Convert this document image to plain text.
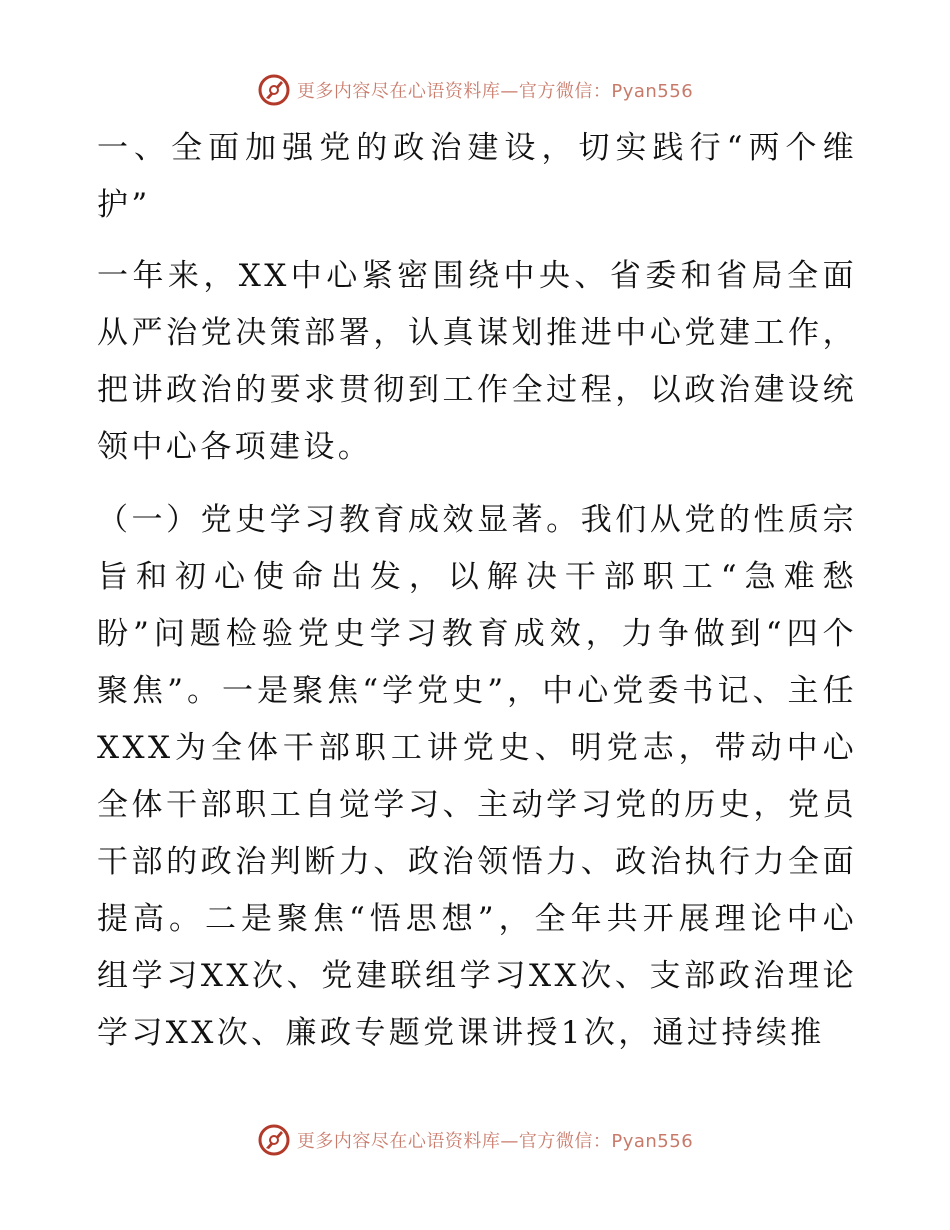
更多内容尽在心语资料库—官方微信：Pyan556

一、全面加强党的政治建设，切实践行“两个维护”

一年来，XX中心紧密围绕中央、省委和省局全面从严治党决策部署，认真谋划推进中心党建工作，把讲政治的要求贯彻到工作全过程，以政治建设统领中心各项建设。

（一）党史学习教育成效显著。我们从党的性质宗旨和初心使命出发，以解决干部职工“急难愁盼”问题检验党史学习教育成效，力争做到“四个聚焦”。一是聚焦“学党史”，中心党委书记、主任XXX为全体干部职工讲党史、明党志，带动中心全体干部职工自觉学习、主动学习党的历史，党员干部的政治判断力、政治领悟力、政治执行力全面提高。二是聚焦“悟思想”，全年共开展理论中心组学习XX次、党建联组学习XX次、支部政治理论学习XX次、廉政专题党课讲授1次，通过持续推

更多内容尽在心语资料库—官方微信：Pyan556
